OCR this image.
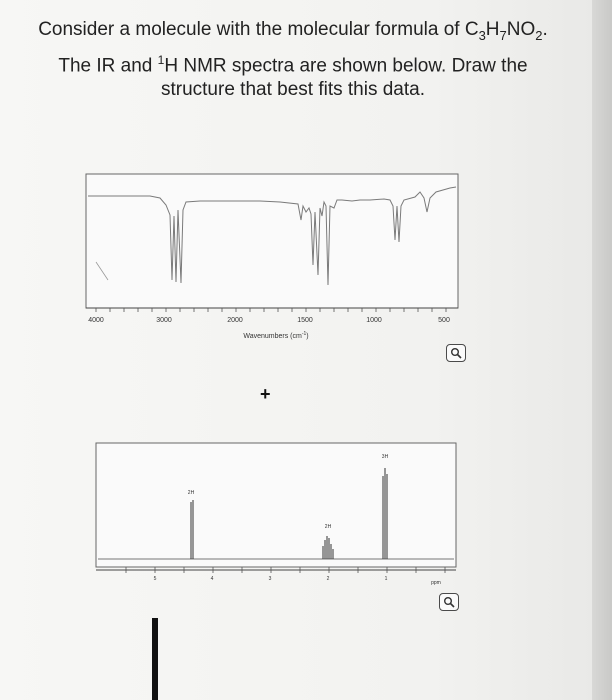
Consider a molecule with the molecular formula of $C_3H_7NO_2$.
The IR and $^1$H NMR spectra are shown below. Draw the
structure that best fits this data.
4000	3000	2000	1500	1000	500
Wavenumbers $(cm^{-1})$
+
2H
2H
3H
5	4	3	2	1
ppm
